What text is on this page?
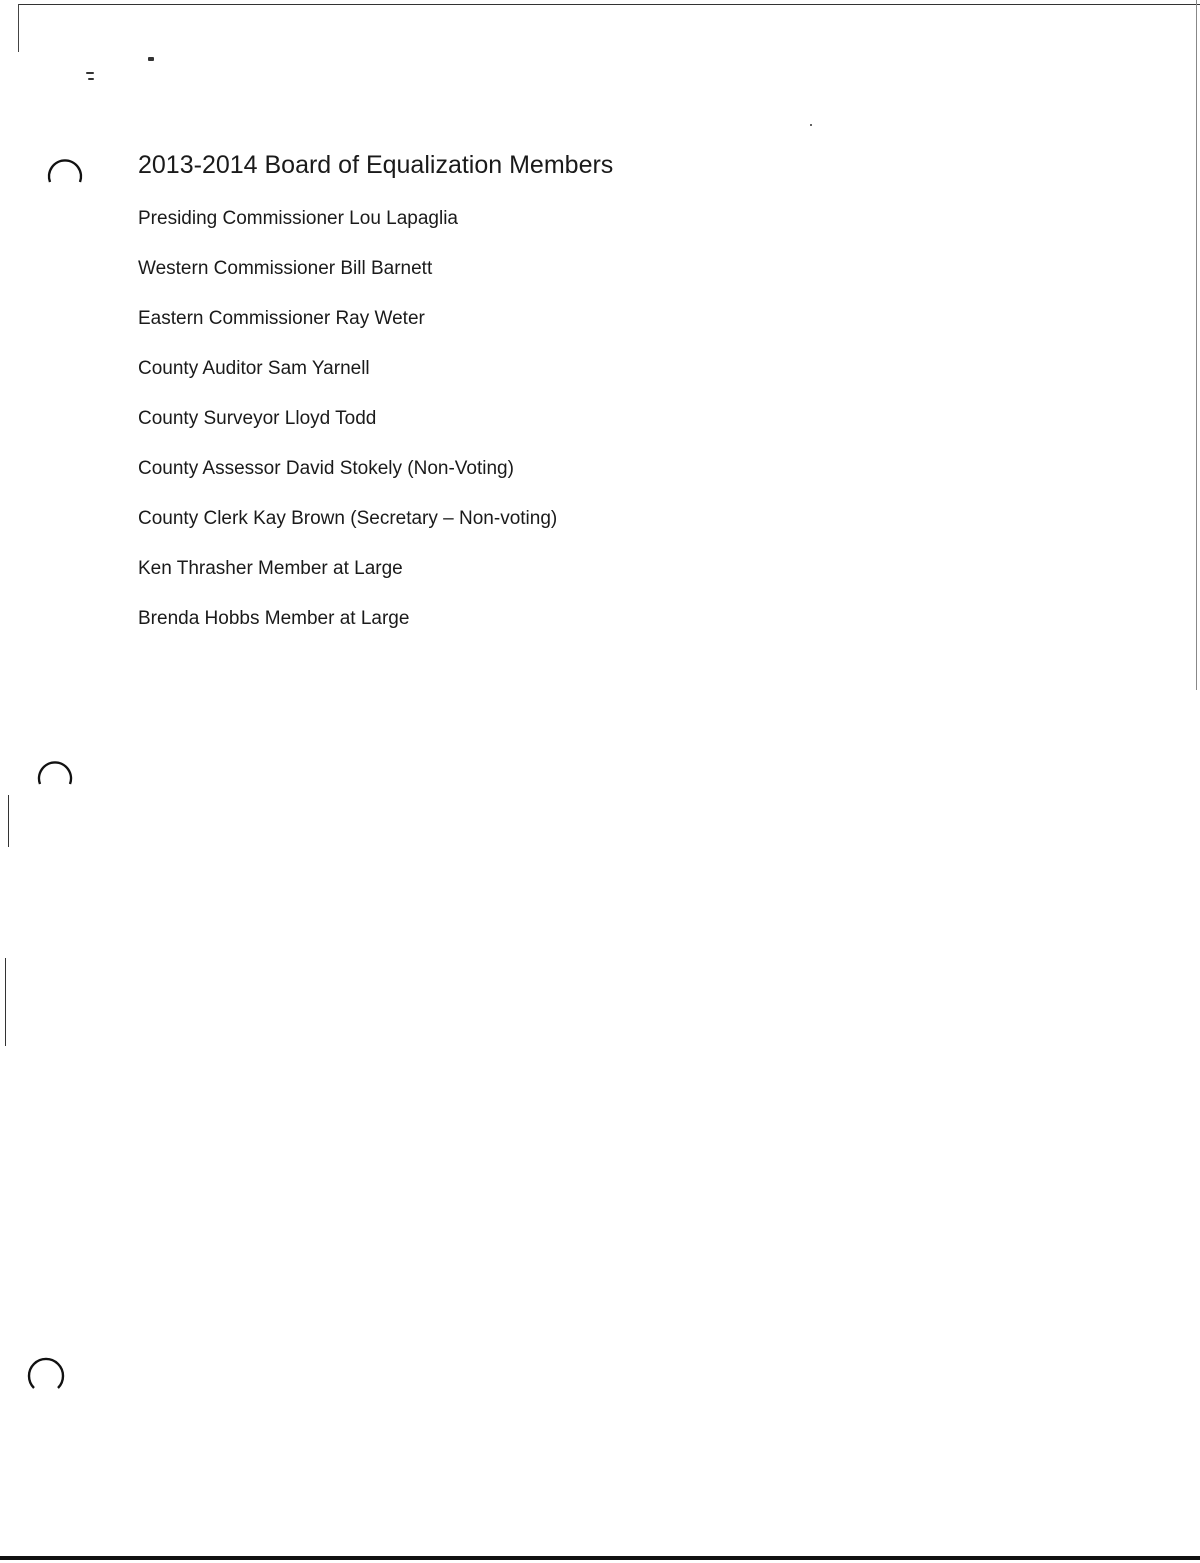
2013-2014 Board of Equalization Members
Presiding Commissioner Lou Lapaglia
Western Commissioner Bill Barnett
Eastern Commissioner Ray Weter
County Auditor Sam Yarnell
County Surveyor Lloyd Todd
County Assessor David Stokely (Non-Voting)
County Clerk Kay Brown (Secretary – Non-voting)
Ken Thrasher Member at Large
Brenda Hobbs Member at Large
